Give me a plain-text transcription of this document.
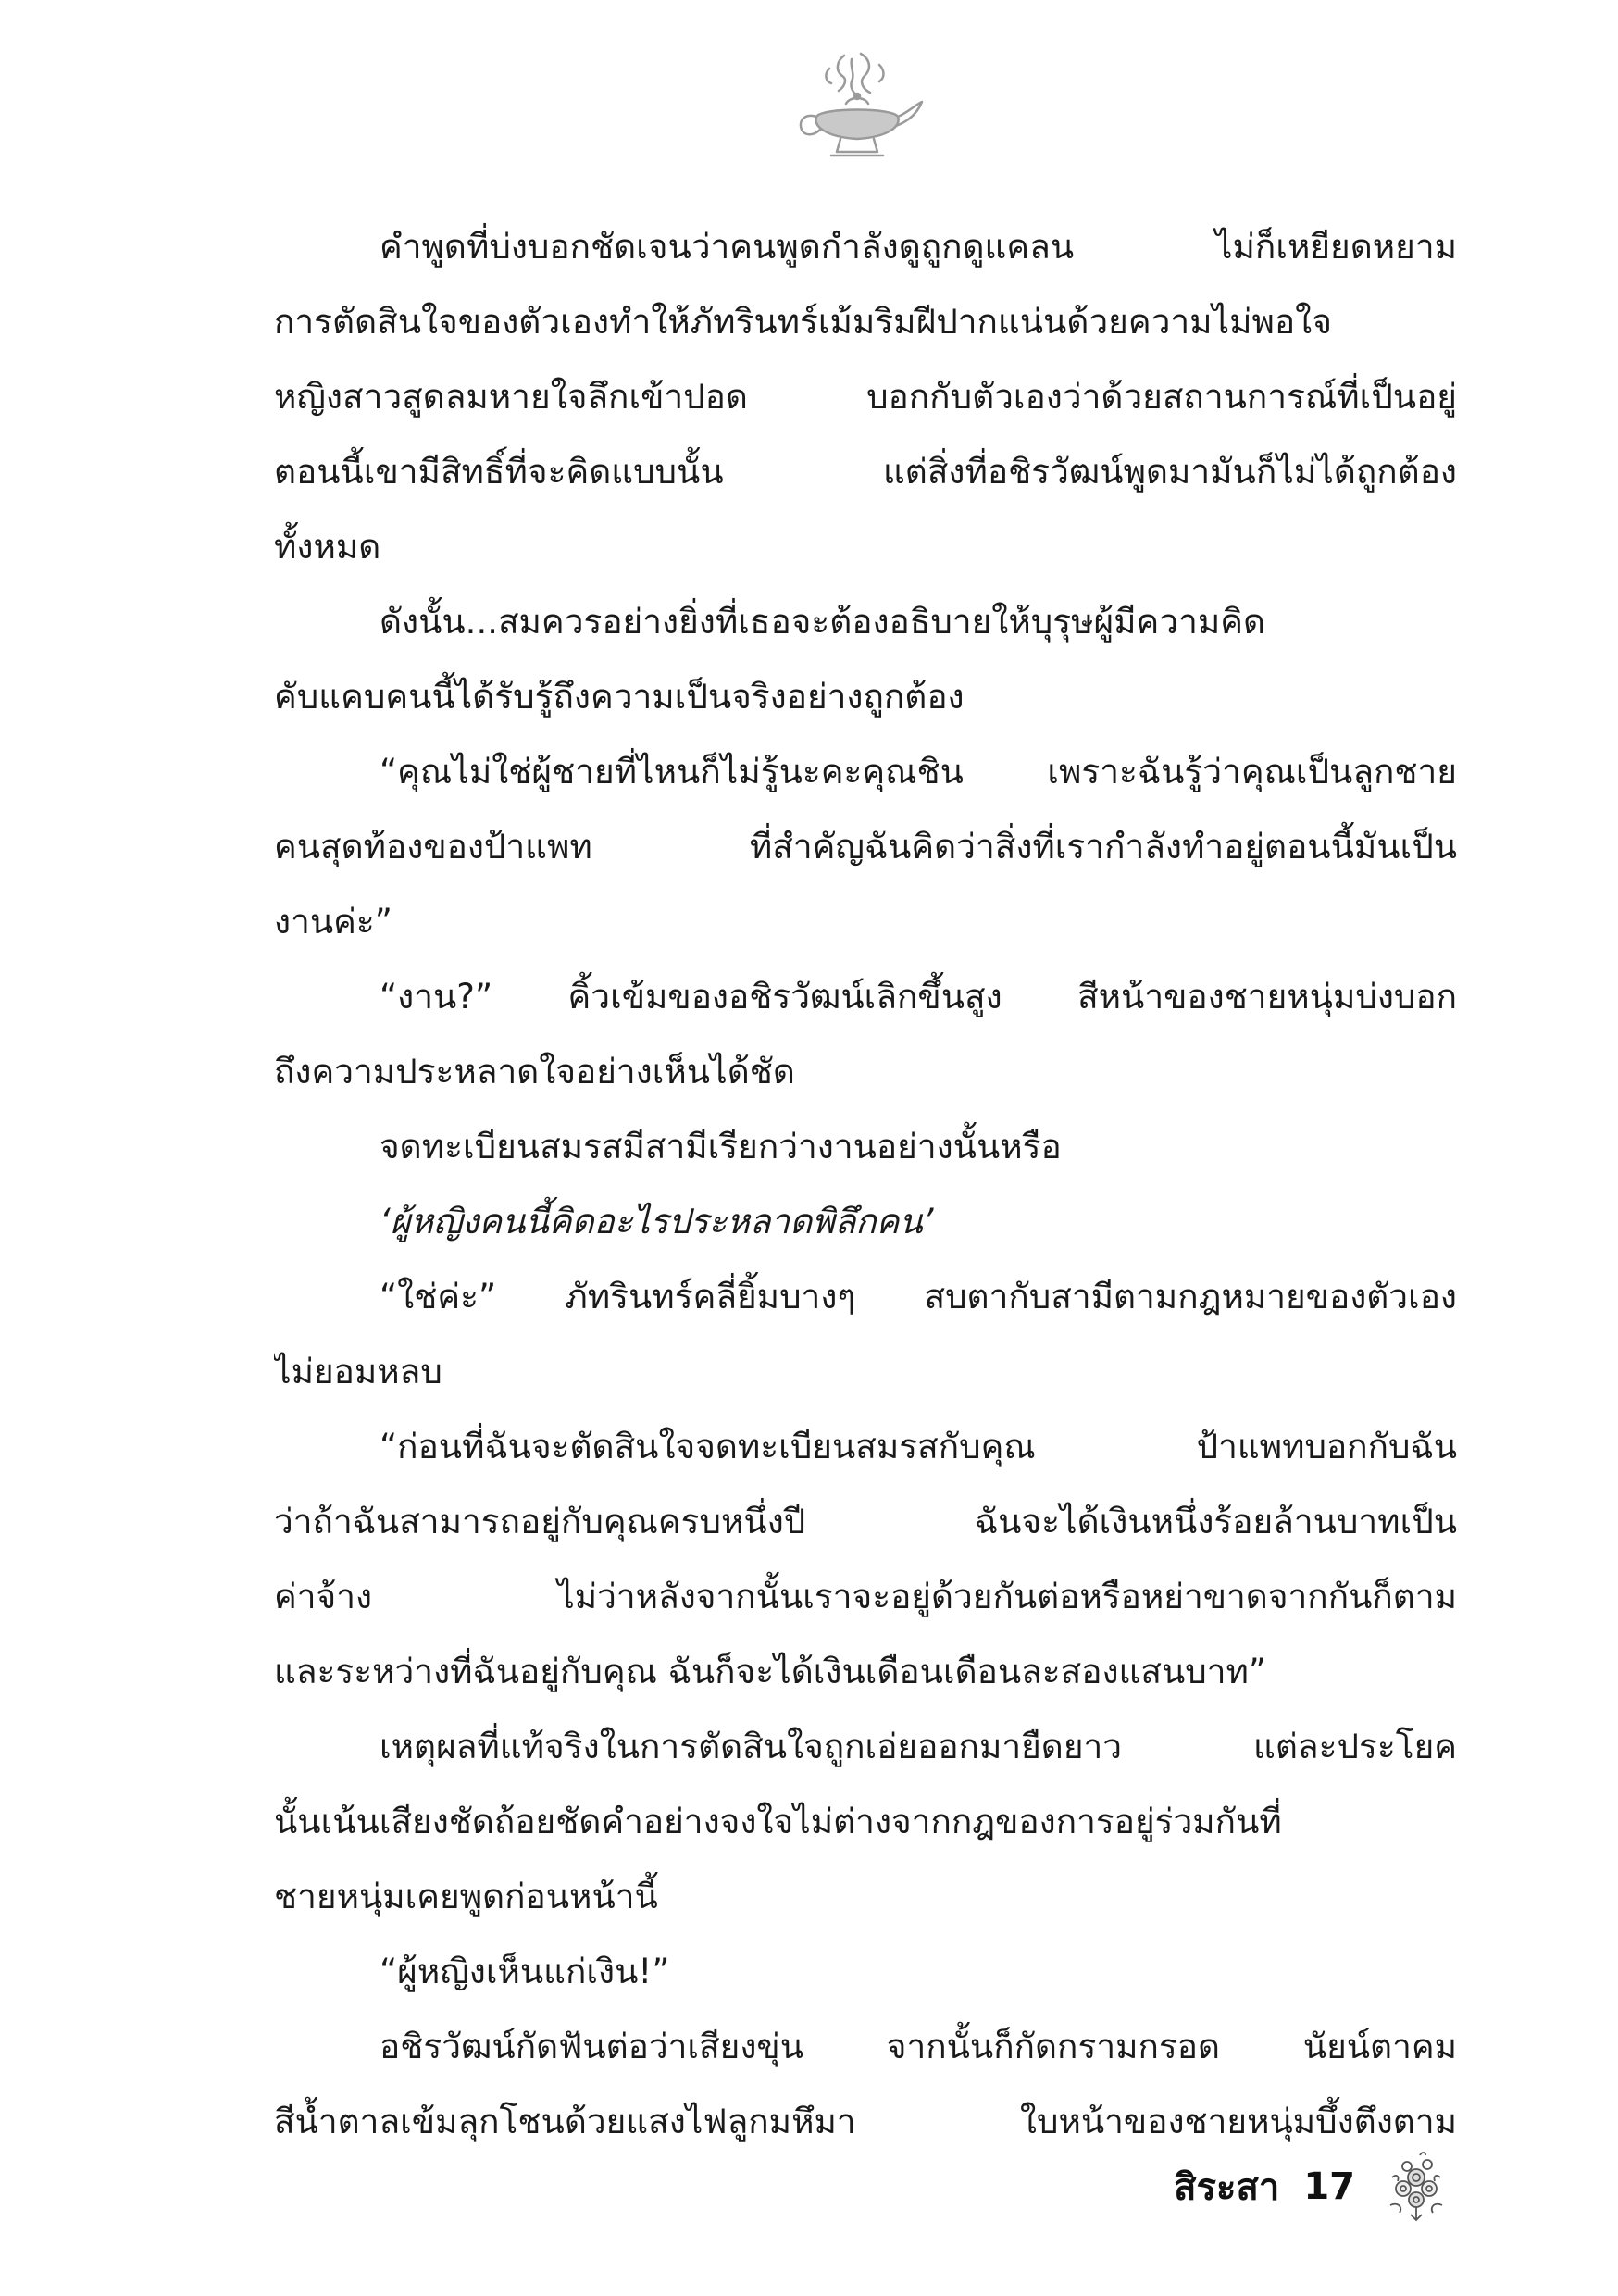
คำพูดที่บ่งบอกชัดเจนว่าคนพูดกำลังดูถูกดูแคลน ไม่ก็เหยียดหยาม
การตัดสินใจของตัวเองทำให้ภัทรินทร์เม้มริมฝีปากแน่นด้วยความไม่พอใจ
หญิงสาวสูดลมหายใจลึกเข้าปอด บอกกับตัวเองว่าด้วยสถานการณ์ที่เป็นอยู่
ตอนนี้เขามีสิทธิ์ที่จะคิดแบบนั้น แต่สิ่งที่อชิรวัฒน์พูดมามันก็ไม่ได้ถูกต้อง
ทั้งหมด
ดังนั้น...สมควรอย่างยิ่งที่เธอจะต้องอธิบายให้บุรุษผู้มีความคิด
คับแคบคนนี้ได้รับรู้ถึงความเป็นจริงอย่างถูกต้อง
“คุณไม่ใช่ผู้ชายที่ไหนก็ไม่รู้นะคะคุณชิน เพราะฉันรู้ว่าคุณเป็นลูกชาย
คนสุดท้องของป้าแพท ที่สำคัญฉันคิดว่าสิ่งที่เรากำลังทำอยู่ตอนนี้มันเป็น
งานค่ะ”
“งาน?” คิ้วเข้มของอชิรวัฒน์เลิกขึ้นสูง สีหน้าของชายหนุ่มบ่งบอก
ถึงความประหลาดใจอย่างเห็นได้ชัด
จดทะเบียนสมรสมีสามีเรียกว่างานอย่างนั้นหรือ
‘ผู้หญิงคนนี้คิดอะไรประหลาดพิลึกคน’
“ใช่ค่ะ” ภัทรินทร์คลี่ยิ้มบางๆ สบตากับสามีตามกฎหมายของตัวเอง
ไม่ยอมหลบ
“ก่อนที่ฉันจะตัดสินใจจดทะเบียนสมรสกับคุณ ป้าแพทบอกกับฉัน
ว่าถ้าฉันสามารถอยู่กับคุณครบหนึ่งปี ฉันจะได้เงินหนึ่งร้อยล้านบาทเป็น
ค่าจ้าง ไม่ว่าหลังจากนั้นเราจะอยู่ด้วยกันต่อหรือหย่าขาดจากกันก็ตาม
และระหว่างที่ฉันอยู่กับคุณ ฉันก็จะได้เงินเดือนเดือนละสองแสนบาท”
เหตุผลที่แท้จริงในการตัดสินใจถูกเอ่ยออกมายืดยาว แต่ละประโยค
นั้นเน้นเสียงชัดถ้อยชัดคำอย่างจงใจไม่ต่างจากกฎของการอยู่ร่วมกันที่
ชายหนุ่มเคยพูดก่อนหน้านี้
“ผู้หญิงเห็นแก่เงิน!”
อชิรวัฒน์กัดฟันต่อว่าเสียงขุ่น จากนั้นก็กัดกรามกรอด นัยน์ตาคม
สีน้ำตาลเข้มลุกโชนด้วยแสงไฟลูกมหึมา ใบหน้าของชายหนุ่มบึ้งตึงตาม
สิระสา 17
